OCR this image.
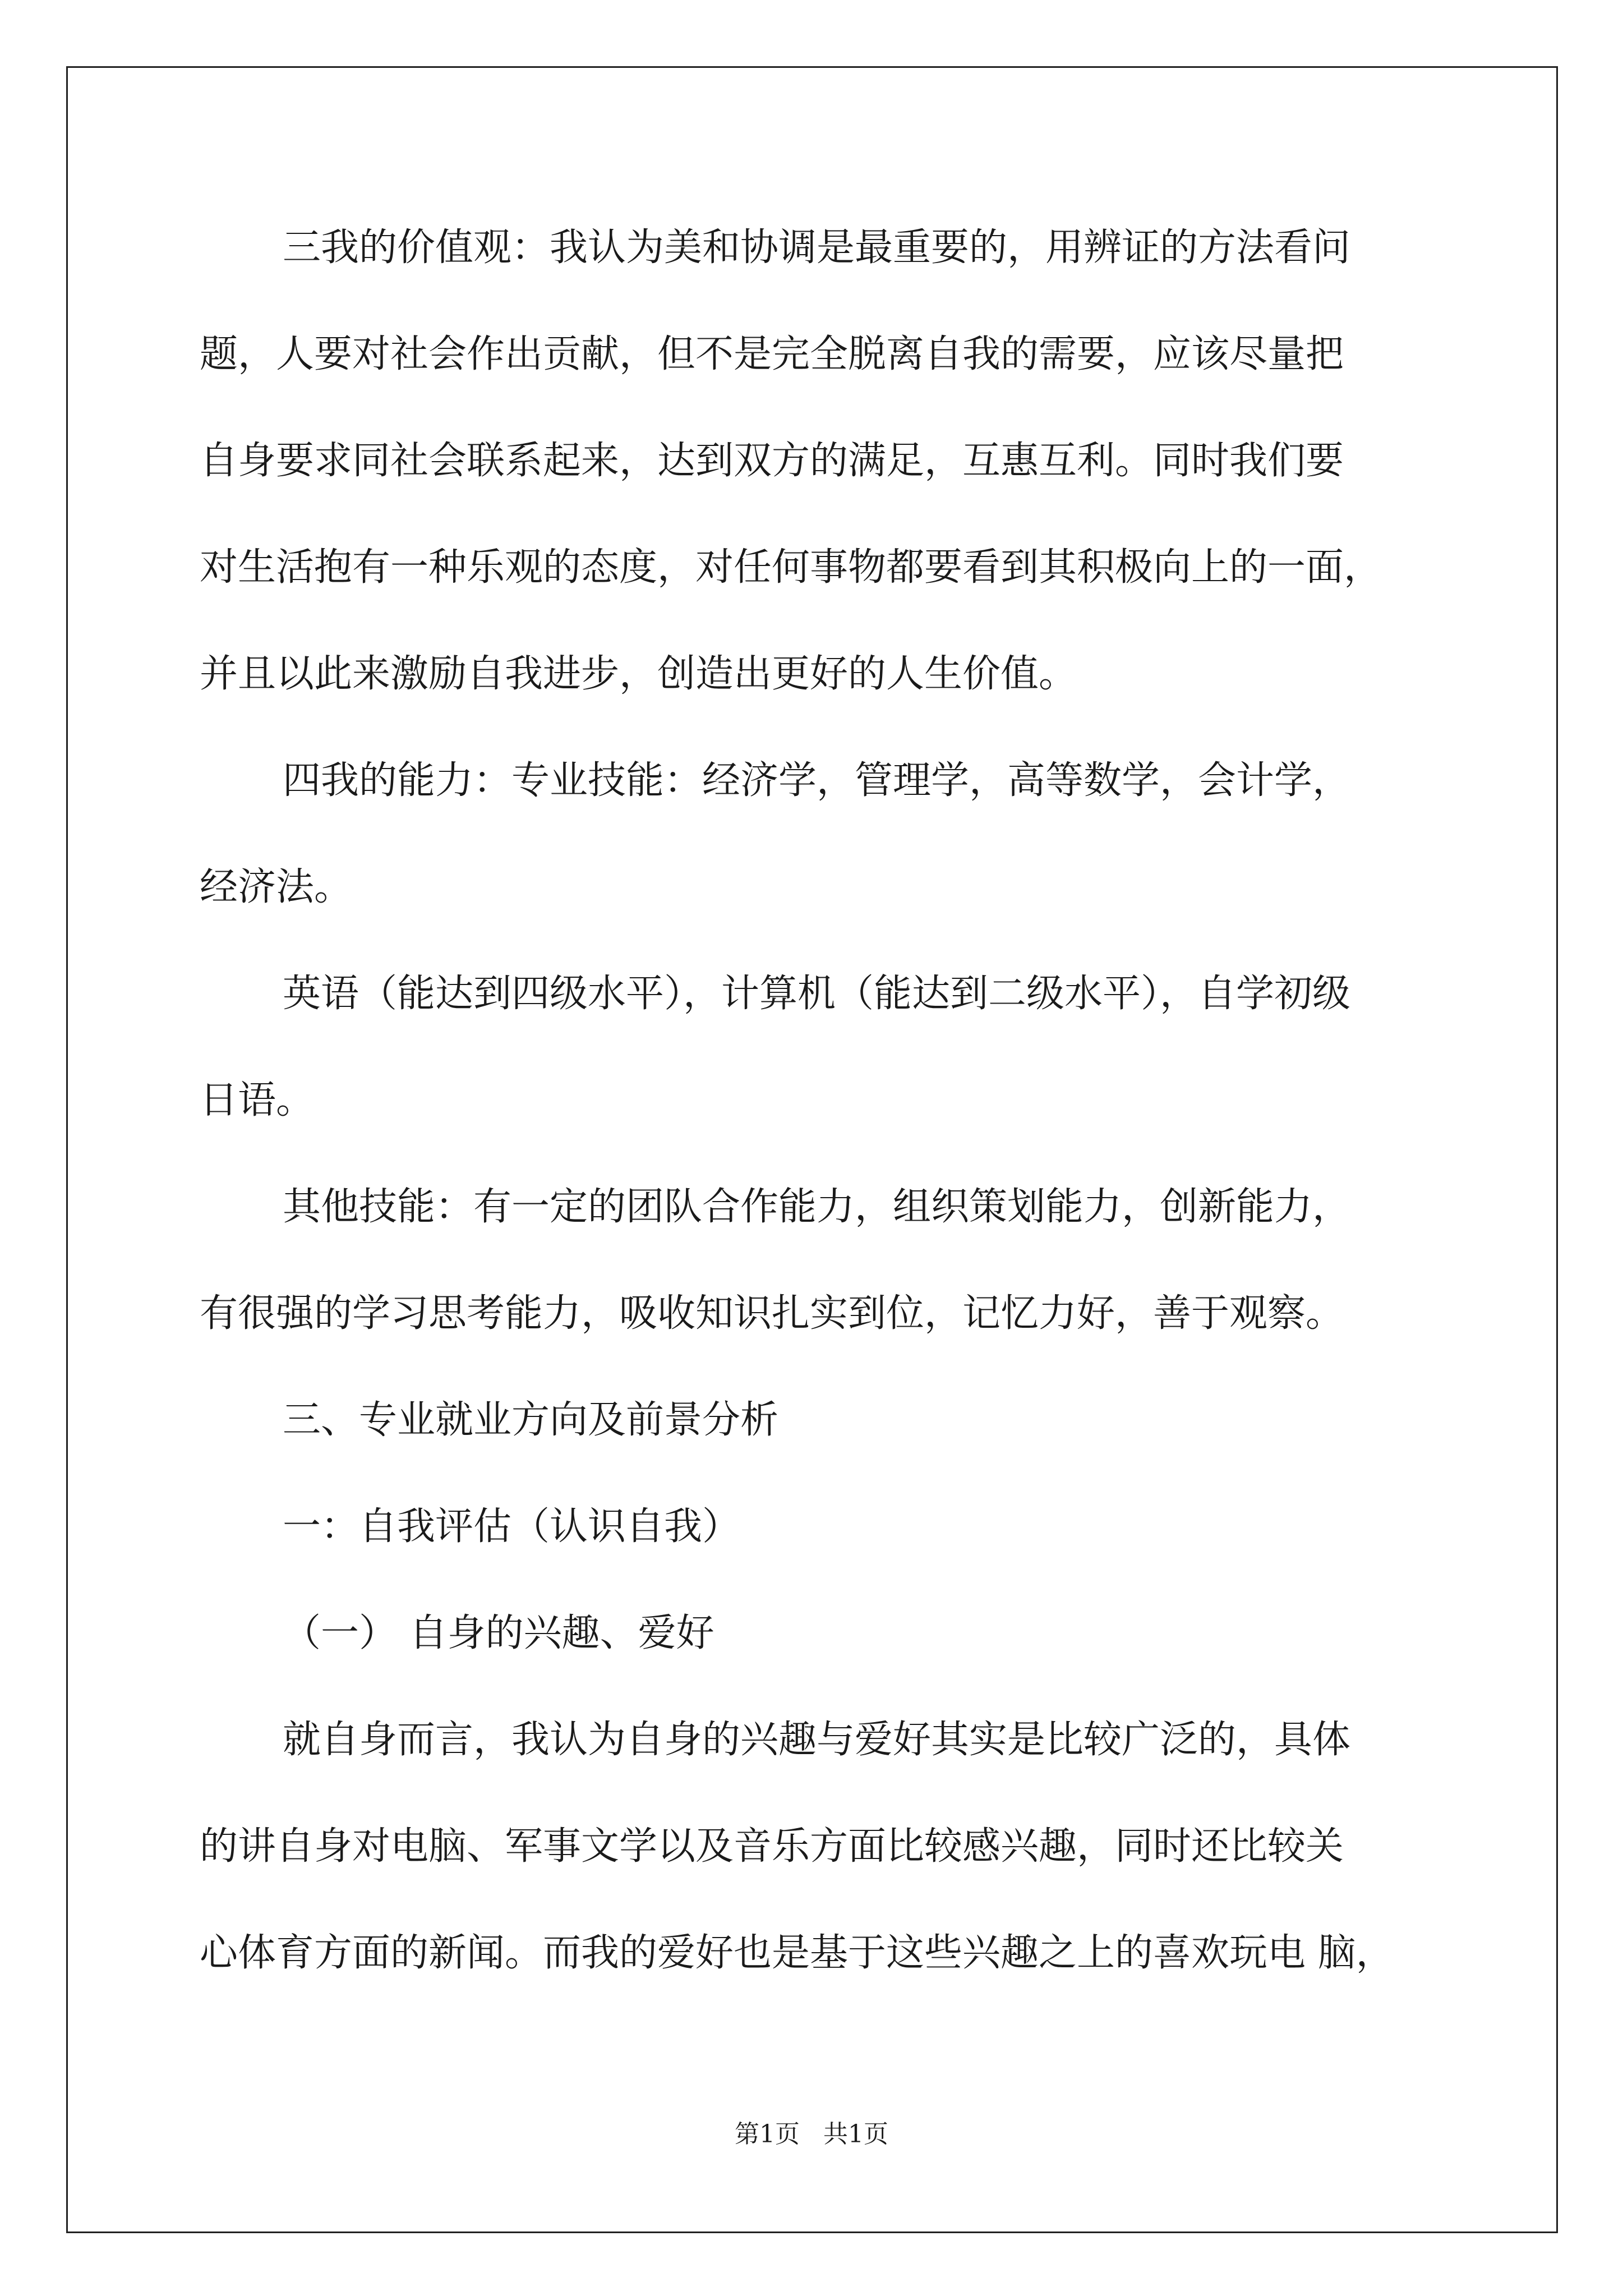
三我的价值观：我认为美和协调是最重要的，用辨证的方法看问
题，人要对社会作出贡献，但不是完全脱离自我的需要，应该尽量把
自身要求同社会联系起来，达到双方的满足，互惠互利。同时我们要
对生活抱有一种乐观的态度，对任何事物都要看到其积极向上的一面，
并且以此来激励自我进步，创造出更好的人生价值。
四我的能力：专业技能：经济学，管理学，高等数学，会计学，
经济法。
英语（能达到四级水平），计算机（能达到二级水平），自学初级
日语。
其他技能：有一定的团队合作能力，组织策划能力，创新能力，
有很强的学习思考能力，吸收知识扎实到位，记忆力好，善于观察。
三、专业就业方向及前景分析
一：自我评估（认识自我）
（一） 自身的兴趣、爱好
就自身而言，我认为自身的兴趣与爱好其实是比较广泛的，具体
的讲自身对电脑、军事文学以及音乐方面比较感兴趣，同时还比较关
心体育方面的新闻。而我的爱好也是基于这些兴趣之上的喜欢玩电 脑，
第1页   共1页
